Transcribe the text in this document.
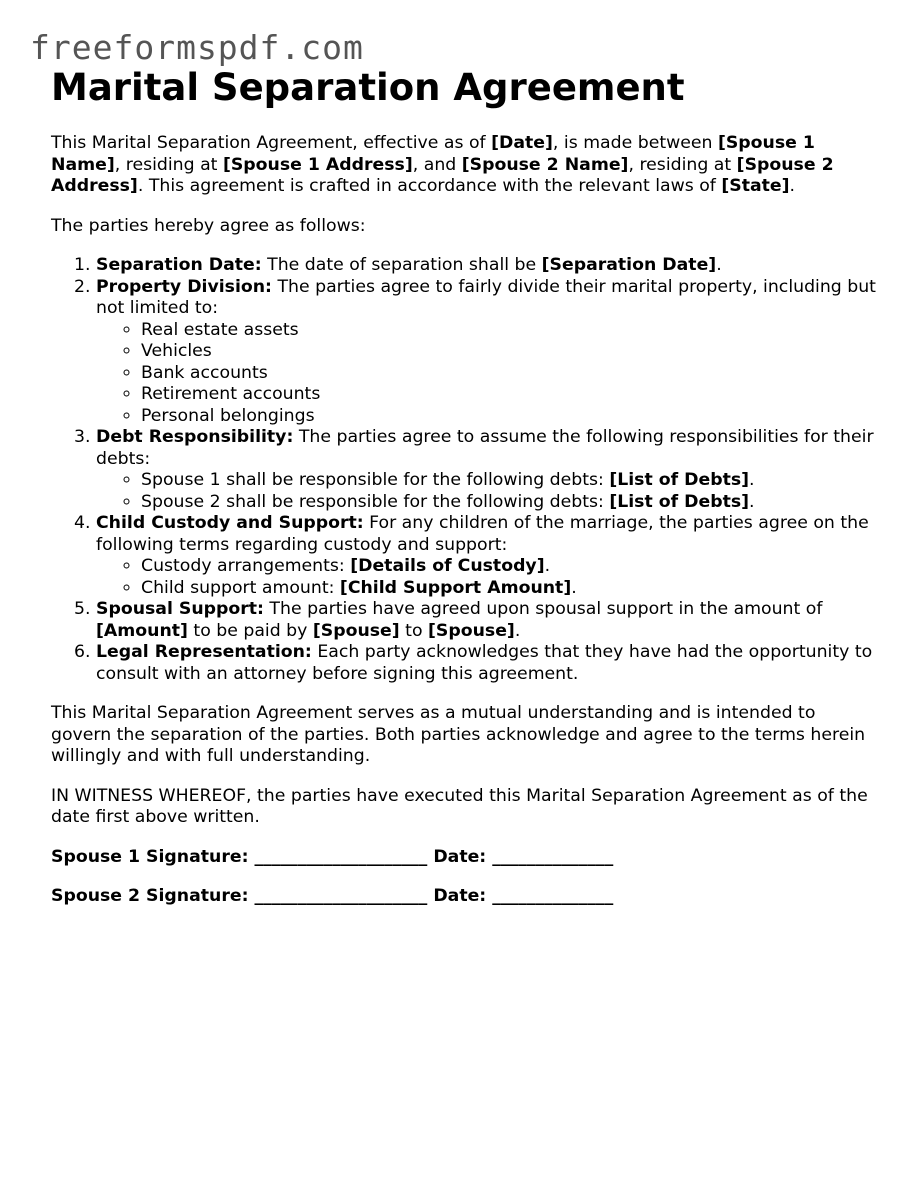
freeformspdf.com
Marital Separation Agreement

This Marital Separation Agreement, effective as of [Date], is made between [Spouse 1 Name], residing at [Spouse 1 Address], and [Spouse 2 Name], residing at [Spouse 2 Address]. This agreement is crafted in accordance with the relevant laws of [State].

The parties hereby agree as follows:

1. Separation Date: The date of separation shall be [Separation Date].
2. Property Division: The parties agree to fairly divide their marital property, including but not limited to:
◦ Real estate assets
◦ Vehicles
◦ Bank accounts
◦ Retirement accounts
◦ Personal belongings
3. Debt Responsibility: The parties agree to assume the following responsibilities for their debts:
◦ Spouse 1 shall be responsible for the following debts: [List of Debts].
◦ Spouse 2 shall be responsible for the following debts: [List of Debts].
4. Child Custody and Support: For any children of the marriage, the parties agree on the following terms regarding custody and support:
◦ Custody arrangements: [Details of Custody].
◦ Child support amount: [Child Support Amount].
5. Spousal Support: The parties have agreed upon spousal support in the amount of [Amount] to be paid by [Spouse] to [Spouse].
6. Legal Representation: Each party acknowledges that they have had the opportunity to consult with an attorney before signing this agreement.

This Marital Separation Agreement serves as a mutual understanding and is intended to govern the separation of the parties. Both parties acknowledge and agree to the terms herein willingly and with full understanding.

IN WITNESS WHEREOF, the parties have executed this Marital Separation Agreement as of the date first above written.

Spouse 1 Signature: ____________________ Date: ______________
Spouse 2 Signature: ____________________ Date: ______________
